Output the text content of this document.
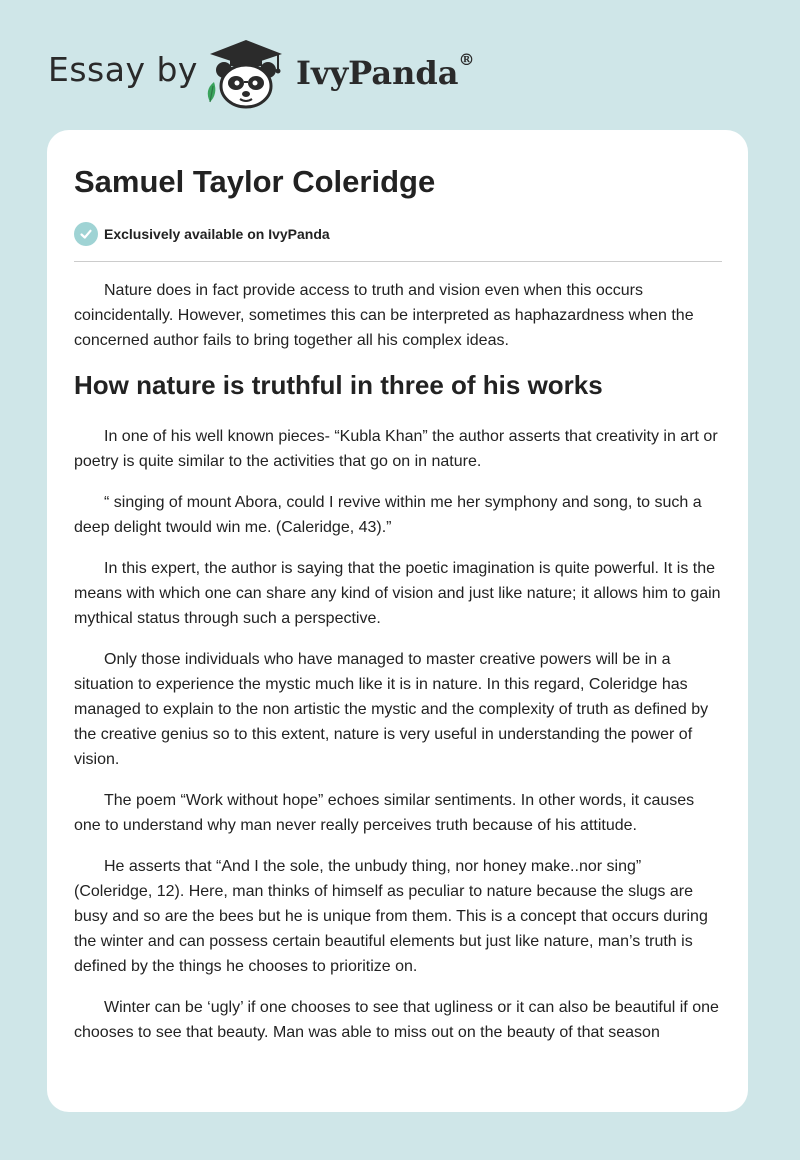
Essay by	IvyPanda®
Samuel Taylor Coleridge
Exclusively available on IvyPanda

Nature does in fact provide access to truth and vision even when this occurs coincidentally. However, sometimes this can be interpreted as haphazardness when the concerned author fails to bring together all his complex ideas.

How nature is truthful in three of his works

In one of his well known pieces- “Kubla Khan” the author asserts that creativity in art or poetry is quite similar to the activities that go on in nature.

“ singing of mount Abora, could I revive within me her symphony and song, to such a deep delight twould win me. (Caleridge, 43).”

In this expert, the author is saying that the poetic imagination is quite powerful. It is the means with which one can share any kind of vision and just like nature; it allows him to gain mythical status through such a perspective.

Only those individuals who have managed to master creative powers will be in a situation to experience the mystic much like it is in nature. In this regard, Coleridge has managed to explain to the non artistic the mystic and the complexity of truth as defined by the creative genius so to this extent, nature is very useful in understanding the power of vision.

The poem “Work without hope” echoes similar sentiments. In other words, it causes one to understand why man never really perceives truth because of his attitude.

He asserts that “And I the sole, the unbudy thing, nor honey make..nor sing” (Coleridge, 12). Here, man thinks of himself as peculiar to nature because the slugs are busy and so are the bees but he is unique from them. This is a concept that occurs during the winter and can possess certain beautiful elements but just like nature, man’s truth is defined by the things he chooses to prioritize on.

Winter can be ‘ugly’ if one chooses to see that ugliness or it can also be beautiful if one chooses to see that beauty. Man was able to miss out on the beauty of that season
